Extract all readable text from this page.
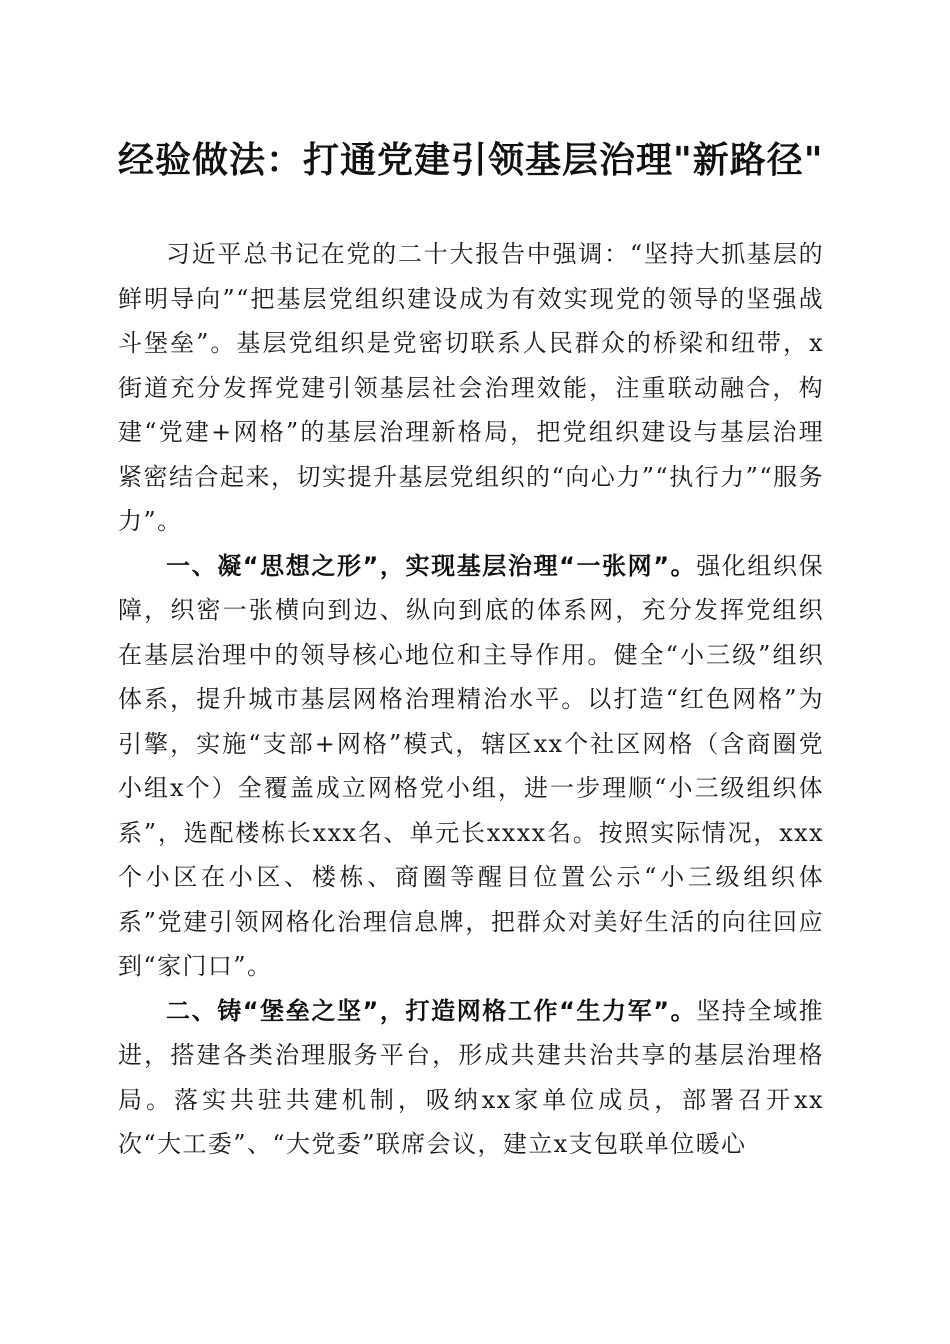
经验做法：打通党建引领基层治理"新路径"

习近平总书记在党的二十大报告中强调：“坚持大抓基层的鲜明导向”“把基层党组织建设成为有效实现党的领导的坚强战斗堡垒”。基层党组织是党密切联系人民群众的桥梁和纽带，x街道充分发挥党建引领基层社会治理效能，注重联动融合，构建“党建+网格”的基层治理新格局，把党组织建设与基层治理紧密结合起来，切实提升基层党组织的“向心力”“执行力”“服务力”。

一、凝“思想之形”，实现基层治理“一张网”。强化组织保障，织密一张横向到边、纵向到底的体系网，充分发挥党组织在基层治理中的领导核心地位和主导作用。健全“小三级”组织体系，提升城市基层网格治理精治水平。以打造“红色网格”为引擎，实施“支部+网格”模式，辖区xx个社区网格（含商圈党小组x个）全覆盖成立网格党小组，进一步理顺“小三级组织体系”，选配楼栋长xxx名、单元长xxxx名。按照实际情况，xxx个小区在小区、楼栋、商圈等醒目位置公示“小三级组织体系”党建引领网格化治理信息牌，把群众对美好生活的向往回应到“家门口”。

二、铸“堡垒之坚”，打造网格工作“生力军”。坚持全域推进，搭建各类治理服务平台，形成共建共治共享的基层治理格局。落实共驻共建机制，吸纳xx家单位成员，部署召开xx次“大工委”、“大党委”联席会议，建立x支包联单位暖心
